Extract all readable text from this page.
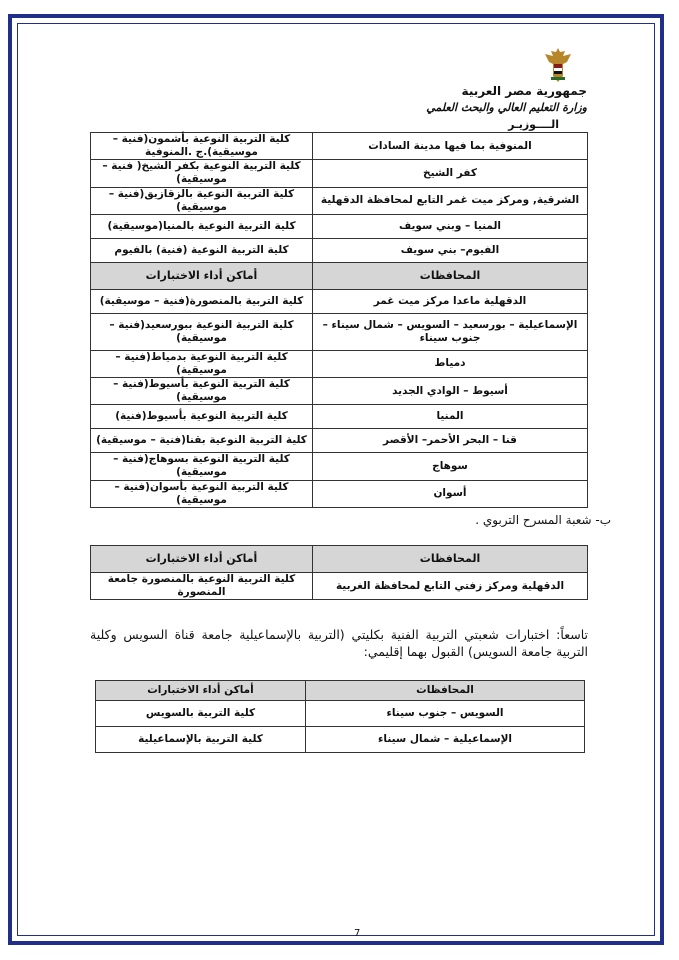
جمهورية مصر العربية
وزارة التعليم العالي والبحث العلمي
الــــوزيـر
المنوفية بما فيها مدينة السادات	كلية التربية النوعية بأشمون(فنية – موسيقية).ج .المنوفية
كفر الشيخ	كلية التربية النوعية بكفر الشيخ( فنية – موسيقية)
الشرقية, ومركز ميت غمر التابع لمحافظة الدقهلية	كلية التربية النوعية بالزقازيق(فنية – موسيقية)
المنيا – وبني سويف	كلية التربية النوعية بالمنيا(موسيقية)
الفيوم– بني سويف	كلية التربية النوعية (فنية) بالفيوم
المحافظات	أماكن أداء الاختبارات
الدقهلية ماعدا مركز ميت غمر	كلية التربية بالمنصورة(فنية – موسيقية)
الإسماعيلية – بورسعيد – السويس – شمال سيناء – جنوب سيناء	كلية التربية النوعية ببورسعيد(فنية – موسيقية)
دمياط	كلية التربية النوعية بدمياط(فنية – موسيقية)
أسيوط – الوادي الجديد	كلية التربية النوعية بأسيوط(فنية – موسيقية)
المنيا	كلية التربية النوعية بأسيوط(فنية)
قنا – البحر الأحمر– الأقصر	كلية التربية النوعية بقنا(فنية – موسيقية)
سوهاج	كلية التربية النوعية بسوهاج(فنية – موسيقية)
أسوان	كلية التربية النوعية بأسوان(فنية – موسيقية)
ب- شعبة المسرح التربوي .
المحافظات	أماكن أداء الاختبارات
الدقهلية ومركز زفتي التابع لمحافظة الغربية	كلية التربية النوعية بالمنصورة جامعة المنصورة
تاسعاً: اختبارات شعبتي التربية الفنية بكليتي (التربية بالإسماعيلية جامعة قناة السويس وكلية التربية جامعة السويس) القبول بهما إقليمي:
المحافظات	أماكن أداء الاختبارات
السويس – جنوب سيناء	كلية التربية بالسويس
الإسماعيلية – شمال سيناء	كلية التربية بالإسماعيلية
7
